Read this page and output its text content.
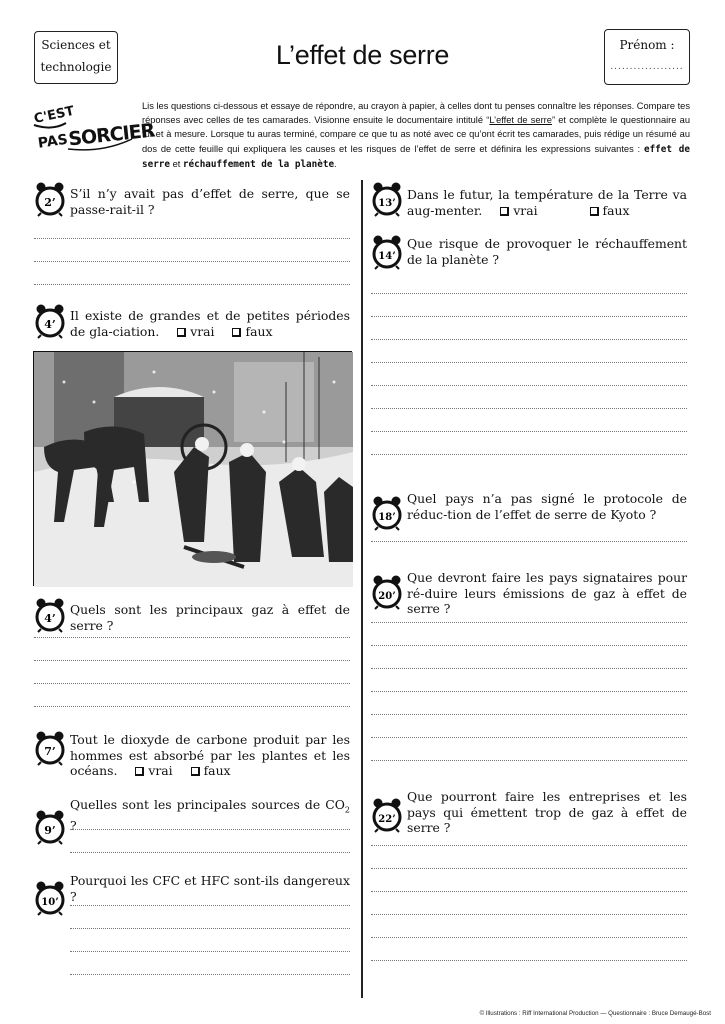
Sciences et
technologie	L’effet de serre	Prénom :
...................
C'EST
PAS
SORCIER
Lis les questions ci-dessous et essaye de répondre, au crayon à papier, à celles dont tu penses connaître les réponses. Compare tes réponses avec celles de tes camarades. Visionne ensuite le documentaire intitulé “L’effet de serre” et complète le questionnaire au fur et à mesure. Lorsque tu auras terminé, compare ce que tu as noté avec ce qu’ont écrit tes camarades, puis rédige un résumé au dos de cette feuille qui expliquera les causes et les risques de l’effet de serre et définira les expressions suivantes : effet de serre et réchauffement de la planète.
2’
S’il n’y avait pas d’effet de serre, que se passe-rait-il ?
4’
Il existe de grandes et de petites périodes de gla-ciation. vrai faux
4’
Quels sont les principaux gaz à effet de serre ?
7’
Tout le dioxyde de carbone produit par les hommes est absorbé par les plantes et les océans. vrai faux
9’
Quelles sont les principales sources de $CO_2$ ?
10’
Pourquoi les CFC et HFC sont-ils dangereux ?
13’
Dans le futur, la température de la Terre va aug-menter. vrai	faux
14’
Que risque de provoquer le réchauffement de la planète ?
18’
Quel pays n’a pas signé le protocole de réduc-tion de l’effet de serre de Kyoto ?
20’
Que devront faire les pays signataires pour ré-duire leurs émissions de gaz à effet de serre ?
22’
Que pourront faire les entreprises et les pays qui émettent trop de gaz à effet de serre ?
© Illustrations : Riff International Production — Questionnaire : Bruce Demaugé-Bost
